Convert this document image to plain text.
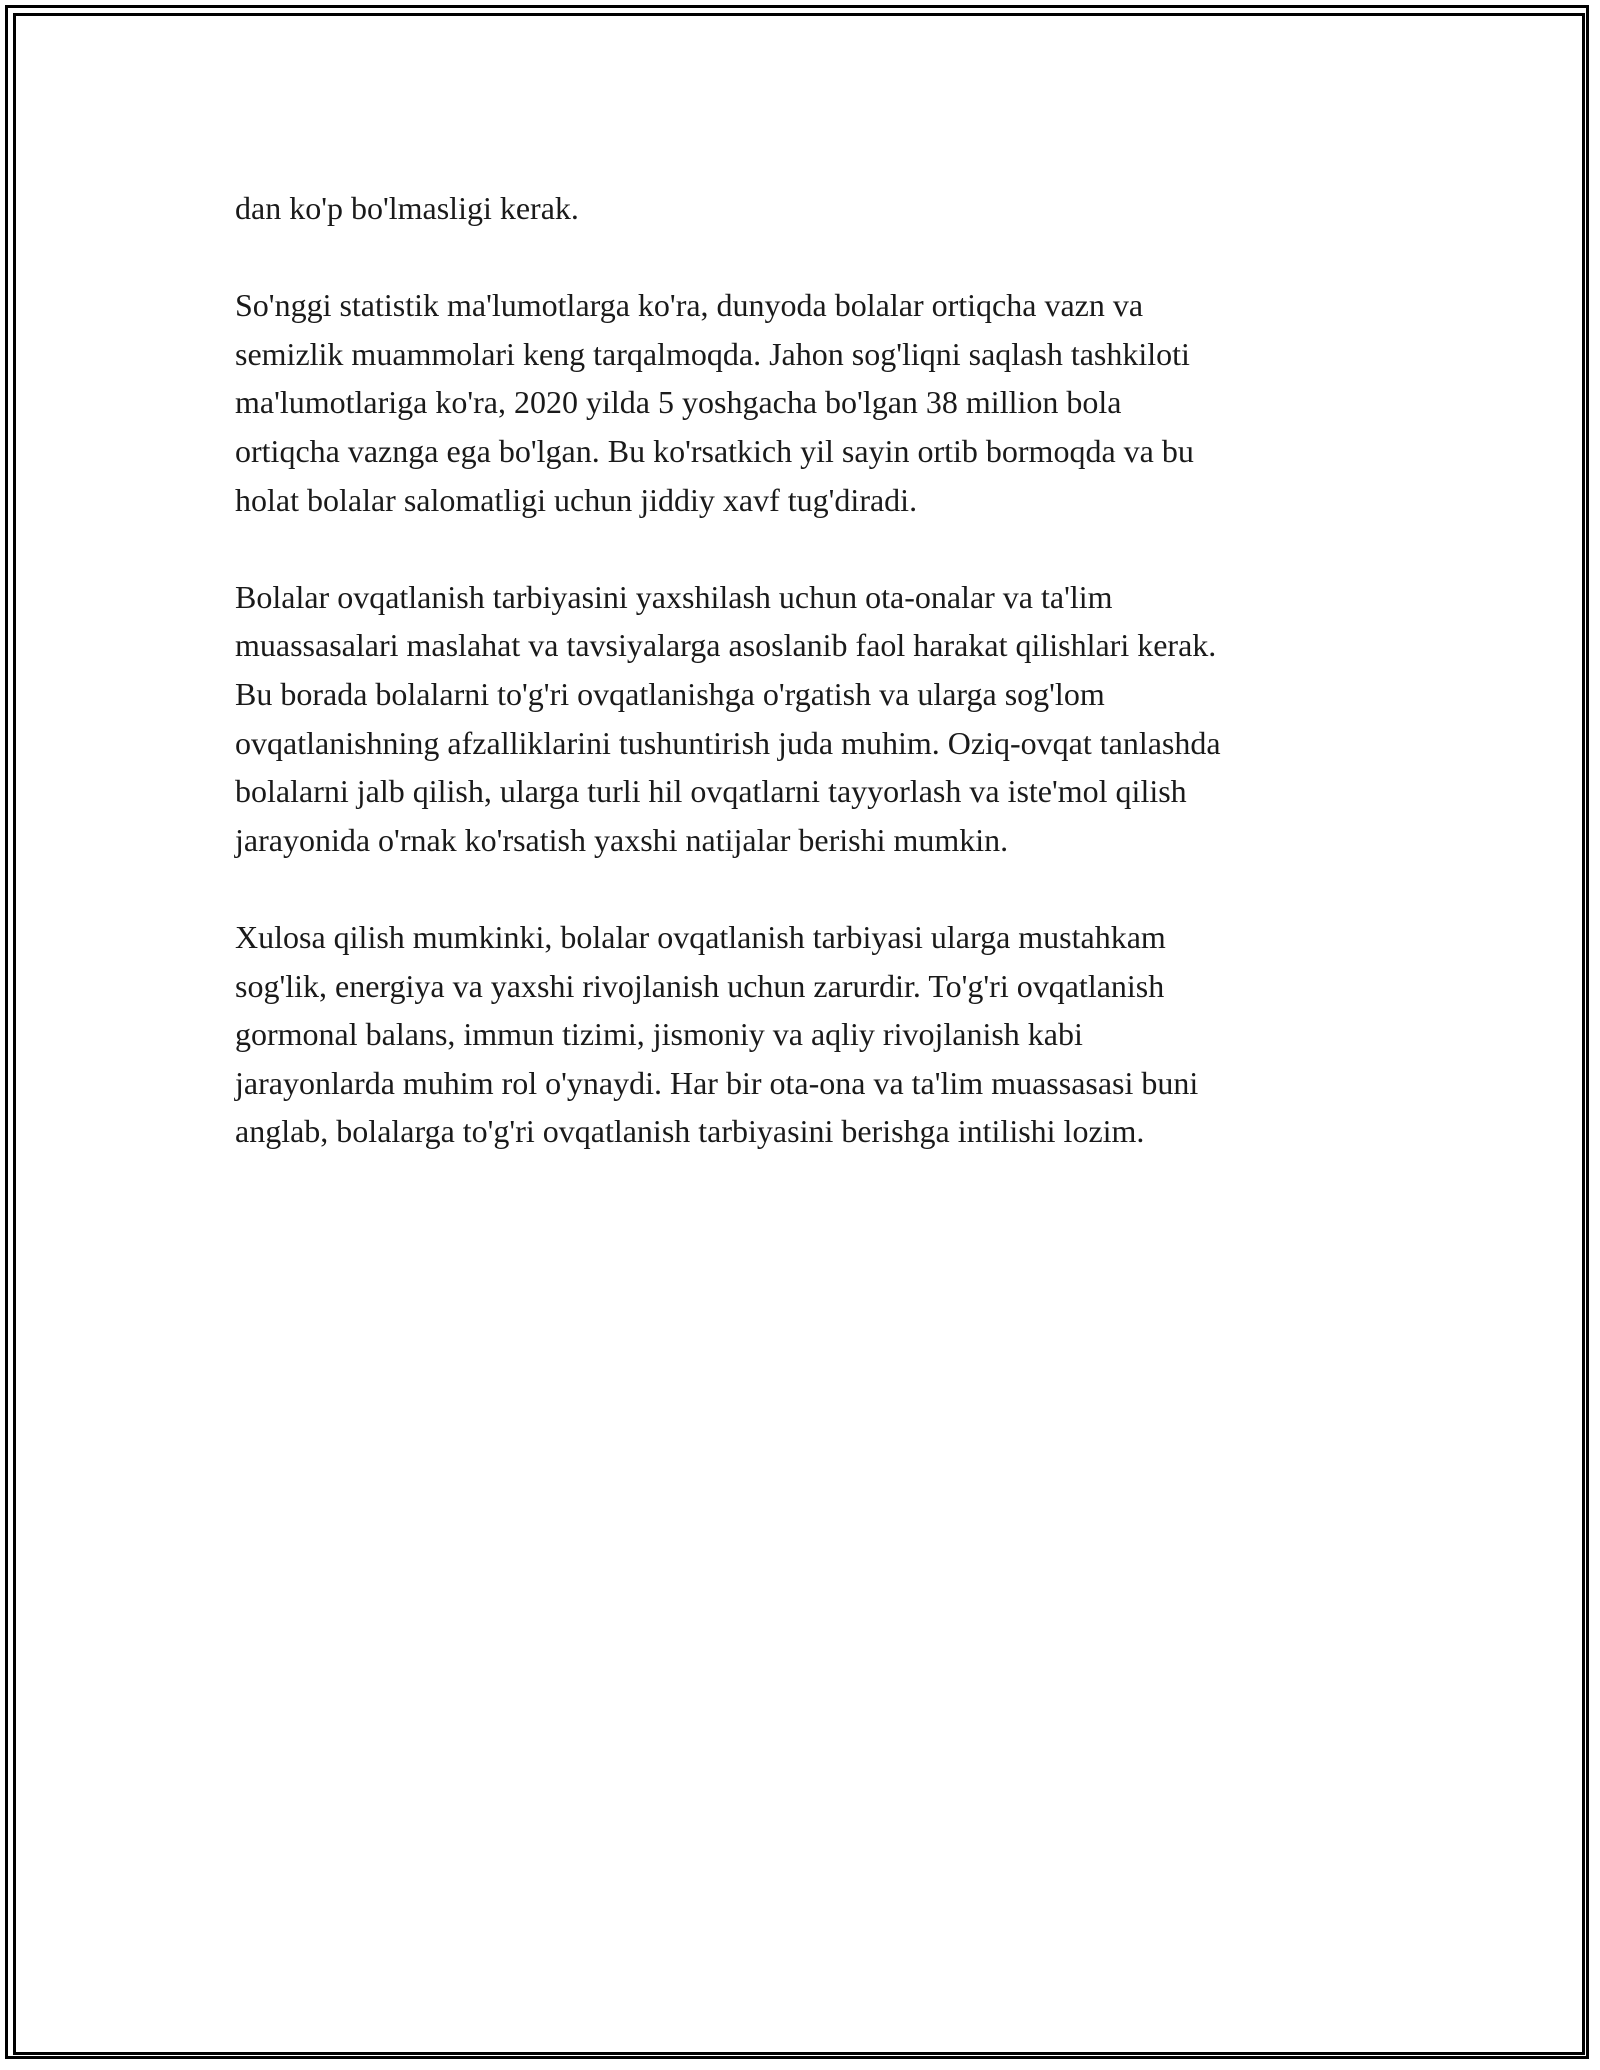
dan ko'p bo'lmasligi kerak.

So'nggi statistik ma'lumotlarga ko'ra, dunyoda bolalar ortiqcha vazn va
semizlik muammolari keng tarqalmoqda. Jahon sog'liqni saqlash tashkiloti
ma'lumotlariga ko'ra, 2020 yilda 5 yoshgacha bo'lgan 38 million bola
ortiqcha vaznga ega bo'lgan. Bu ko'rsatkich yil sayin ortib bormoqda va bu
holat bolalar salomatligi uchun jiddiy xavf tug'diradi.

Bolalar ovqatlanish tarbiyasini yaxshilash uchun ota-onalar va ta'lim
muassasalari maslahat va tavsiyalarga asoslanib faol harakat qilishlari kerak.
Bu borada bolalarni to'g'ri ovqatlanishga o'rgatish va ularga sog'lom
ovqatlanishning afzalliklarini tushuntirish juda muhim. Oziq-ovqat tanlashda
bolalarni jalb qilish, ularga turli hil ovqatlarni tayyorlash va iste'mol qilish
jarayonida o'rnak ko'rsatish yaxshi natijalar berishi mumkin.

Xulosa qilish mumkinki, bolalar ovqatlanish tarbiyasi ularga mustahkam
sog'lik, energiya va yaxshi rivojlanish uchun zarurdir. To'g'ri ovqatlanish
gormonal balans, immun tizimi, jismoniy va aqliy rivojlanish kabi
jarayonlarda muhim rol o'ynaydi. Har bir ota-ona va ta'lim muassasasi buni
anglab, bolalarga to'g'ri ovqatlanish tarbiyasini berishga intilishi lozim.
